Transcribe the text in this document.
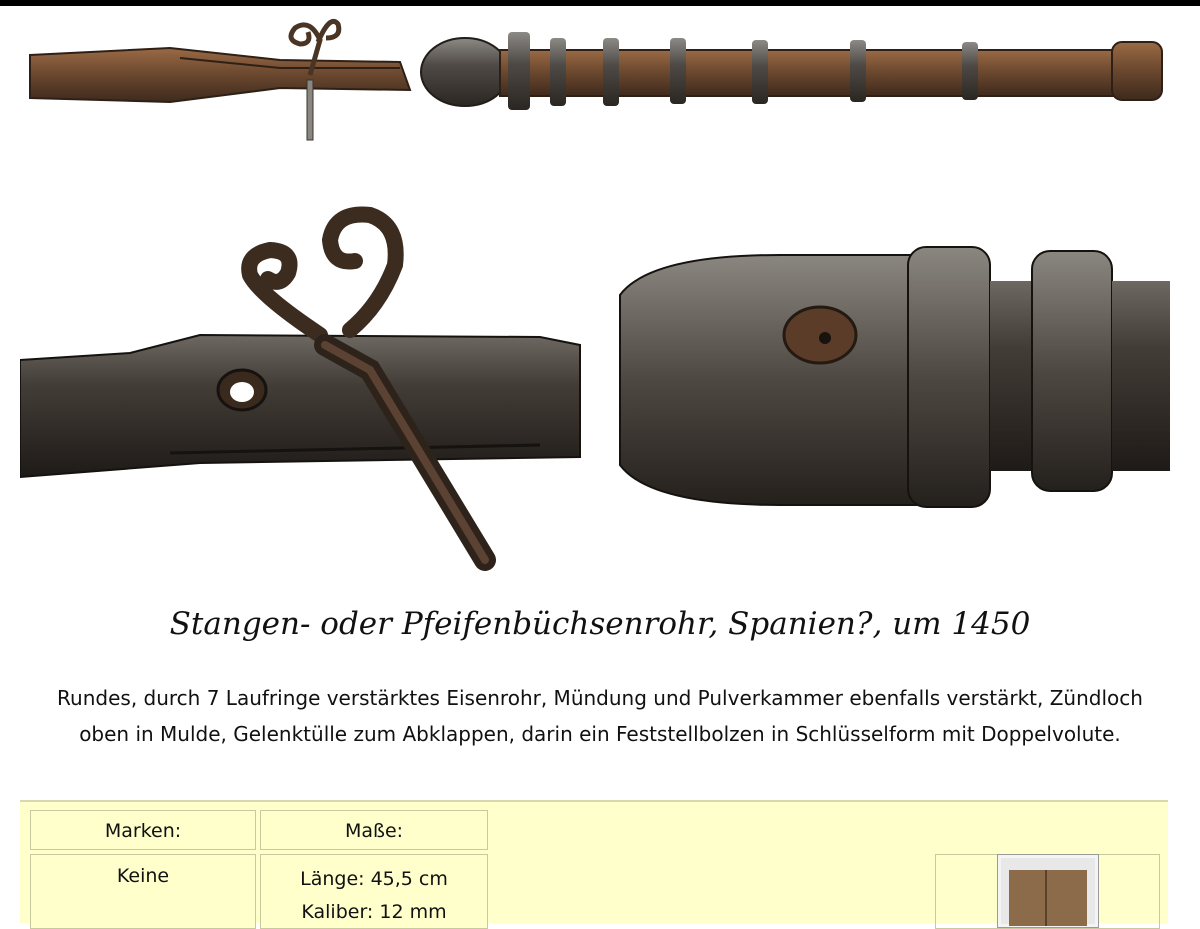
Stangen- oder Pfeifenbüchsenrohr, Spanien?, um 1450
Rundes, durch 7 Laufringe verstärktes Eisenrohr, Mündung und Pulverkammer ebenfalls verstärkt, Zündloch oben in Mulde, Gelenktülle zum Abklappen, darin ein Feststellbolzen in Schlüsselform mit Doppelvolute.
Marken:	Maße:
Keine	Länge: 45,5 cm
Kaliber: 12 mm
